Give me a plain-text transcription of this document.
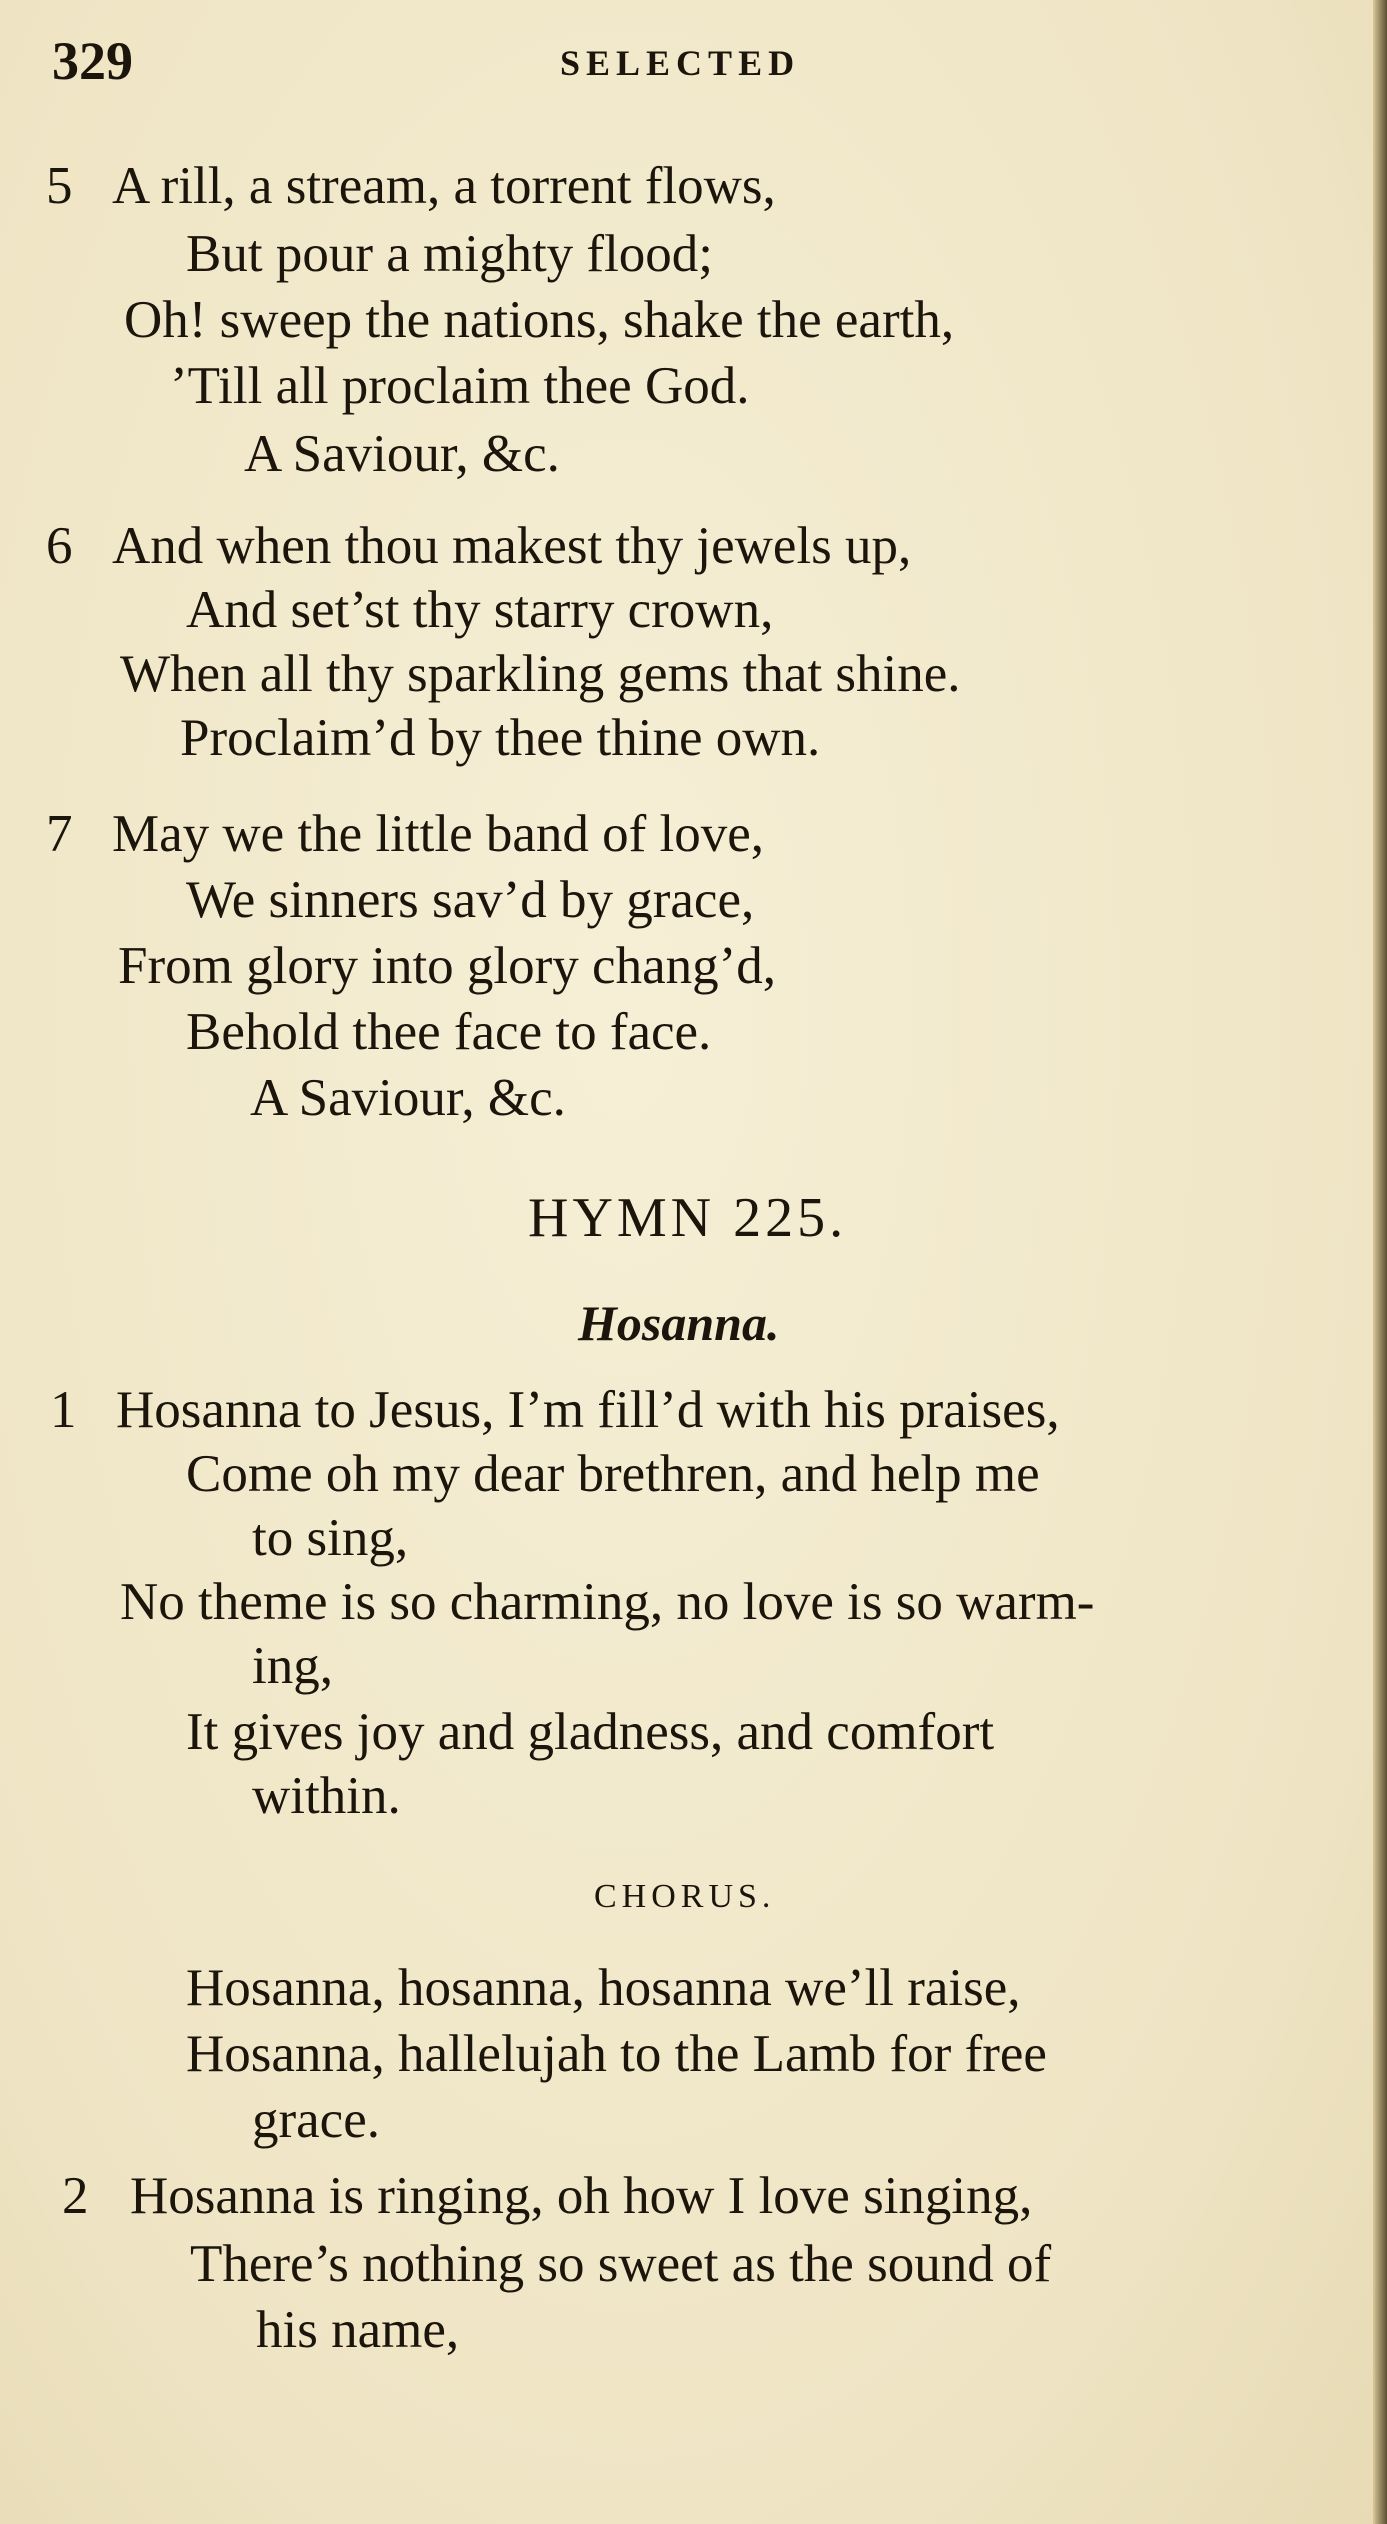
329	SELECTED
5 A rill, a stream, a torrent flows,
But pour a mighty flood;
Oh! sweep the nations, shake the earth,
’Till all proclaim thee God.
A Saviour, &c.
6 And when thou makest thy jewels up,
And set’st thy starry crown,
When all thy sparkling gems that shine.
Proclaim’d by thee thine own.
7 May we the little band of love,
We sinners sav’d by grace,
From glory into glory chang’d,
Behold thee face to face.
A Saviour, &c.
HYMN 225.
Hosanna.
1 Hosanna to Jesus, I’m fill’d with his praises,
Come oh my dear brethren, and help me
to sing,
No theme is so charming, no love is so warm-
ing,
It gives joy and gladness, and comfort
within.
CHORUS.
Hosanna, hosanna, hosanna we’ll raise,
Hosanna, hallelujah to the Lamb for free
grace.
2 Hosanna is ringing, oh how I love singing,
There’s nothing so sweet as the sound of
his name,
